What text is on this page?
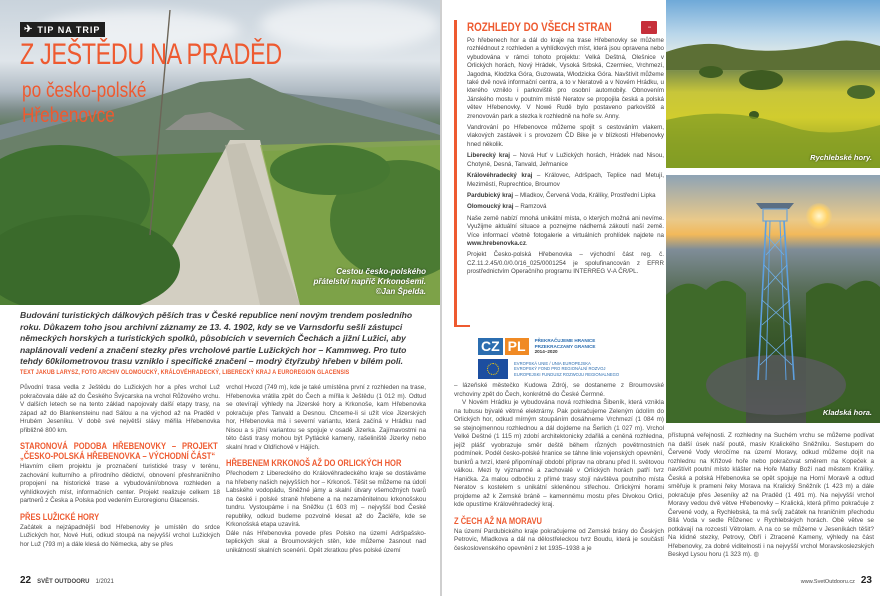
Cestou česko-polského
přátelství napříč Krkonošemi.
©Jan Špelda.
✈ TIP NA TRIP
Z JEŠTĚDU NA PRADĚD
po česko-polské
Hřebenovce
Budování turistických dálkových pěších tras v České republice není novým trendem posledního roku. Důkazem toho jsou archivní záznamy ze 13. 4. 1902, kdy se ve Varnsdorfu sešli zástupci německých horských a turistických spolků, působících v severních Čechách a jižní Lužici, aby naplánovali vedení a značení stezky přes vrcholové partie Lužických hor – Kammweg. Pro tuto tehdy 60kilometrovou trasu vzniklo i specifické značení – modrý čtyřzubý hřeben v bílém poli.
TEXT JAKUB LARYSZ, FOTO ARCHIV OLOMOUCKÝ, KRÁLOVÉHRADECKÝ, LIBERECKÝ KRAJ A EUROREGION GLACENSIS

Původní trasa vedla z Ještědu do Lužických hor a přes vrchol Luž pokračovala dále až do Českého Švýcarska na vrchol Růžového vrchu. V dalších letech se na tento základ napojovaly další etapy trasy, na západ až do Blankensteinu nad Sálou a na východ až na Praděd v Hrubém Jeseníku. V době své největší slávy měřila Hřebenovka přibližně 800 km.

STARONOVÁ PODOBA HŘEBENOVKY – PROJEKT „ČESKO-POLSKÁ HŘEBENOVKA – VÝCHODNÍ ČÁST“

Hlavním cílem projektu je proznačení turistické trasy v terénu, zachování kulturního a přírodního dědictví, obnovení přeshraničního propojení na historické trase a vybudování/obnova rozhleden a vyhlídkových míst, informačních center. Projekt realizuje celkem 18 partnerů z Česka a Polska pod vedením Euroregionu Glacensis.

PŘES LUŽICKÉ HORY

Začátek a nejzápadnější bod Hřebenovky je umístěn do srdce Lužických hor, Nové Huti, odkud stoupá na nejvyšší vrchol Lužických hor Luž (793 m) a dále klesá do Německa, aby se přes

vrchol Hvozd (749 m), kde je také umístěna první z rozhleden na trase, Hřebenovka vrátila zpět do Čech a mířila k Ještědu (1 012 m). Odtud se otevírají výhledy na Jizerské hory a Krkonoše, kam Hřebenovka pokračuje přes Tanvald a Desnou. Chceme-li si užít více Jizerských hor, Hřebenovka má i severní variantu, která začíná v Hrádku nad Nisou a s jižní variantou se spojuje v osadě Jizerka. Zajímavostmi na této části trasy mohou být Pytlácké kameny, rašeliniště Jizerky nebo skalní hrad v Oldřichově v Hájích.

HŘEBENEM KRKONOŠ AŽ DO ORLICKÝCH HOR

Přechodem z Libereckého do Královéhradeckého kraje se dostáváme na hřebeny našich nejvyšších hor – Krkonoš. Těšit se můžeme na údolí Labského vodopádu, Sněžné jámy a skalní útvary všemožných tvarů na české i polské straně hřebene a na nezaměnitelnou krkonošskou tundru. Vystoupáme i na Sněžku (1 603 m) – nejvyšší bod České republiky, odkud budeme pozvolně klesat až do Žacléře, kde se Krkonošská etapa uzavírá.

Dále nás Hřebenovka povede přes Polsko na území Adršpašsko-teplických skal a Broumovských stěn, kde můžeme žasnout nad unikátností skalních scenérií. Opět zkratkou přes polské území

22 SVĚT OUTDOORU 1/2021
ROZHLEDY DO VŠECH STRAN	▪▪▪

Po hřebenech hor a dál do kraje na trase Hřebenovky se můžeme rozhlédnout z rozhleden a vyhlídkových míst, která jsou opravena nebo vybudována v rámci tohoto projektu: Velká Deštná, Olešnice v Orlických horách, Nový Hrádek, Vysoká Srbská, Czermiec, Vrchmezí, Jagodna, Kłodzka Góra, Guzowata, Włodzicka Góra. Navštívit můžeme také dvě nová informační centra, a to v Neratově a v Novém Hrádku, u kterého vzniklo i parkoviště pro osobní automobily. Obnovením Jánského mostu v poutním místě Neratov se propojila česká a polská větev Hřebenovky. V Nowé Rudě bylo postaveno parkoviště a zrenovován park a stezka k rozhledně na hoře sv. Anny.

Vandrování po Hřebenovce můžeme spojit s cestováním vlakem, vlakových zastávek i s provozem ČD Bike je v blízkosti Hřebenovky hned několik.

Liberecký kraj – Nová Huť v Lužických horách, Hrádek nad Nisou, Chotyně, Desná, Tanvald, Jeřmanice

Královéhradecký kraj – Královec, Adršpach, Teplice nad Metují, Meziměstí, Ruprechtice, Broumov

Pardubický kraj – Mladkov, Červená Voda, Králíky, Prostřední Lipka

Olomoucký kraj – Ramzová

Naše země nabízí mnohá unikátní místa, o kterých možná ani nevíme. Využijme aktuální situace a poznejme nádherná zákoutí naší země. Více informací včetně fotogalerie a virtuálních prohlídek najdete na www.hrebenovka.cz.

Projekt Česko-polská Hřebenovka – východní část reg. č. CZ.11.2.45/0.0/0.0/16_025/0001254 je spolufinancován z EFRR prostřednictvím Operačního programu INTERREG V-A ČR/PL.

CZ PL	PŘEKRAČUJEME HRANICE
PRZEKRACZAMY GRANICE
2014–2020
EVROPSKÁ UNIE / UNIA EUROPEJSKA
EVROPSKÝ FOND PRO REGIONÁLNÍ ROZVOJ
EUROPEJSKI FUNDUSZ ROZWOJU REGIONALNEGO
Rychlebské hory.
Kladská hora.

– lázeňské městečko Kudowa Zdrój, se dostaneme z Broumovské vrchoviny zpět do Čech, konkrétně do České Čermné.

V Novém Hrádku je vybudována nová rozhledna Šibeník, která vznikla na tubusu bývalé větrné elektrárny. Pak pokračujeme Zeleným údolím do Orlických hor, odkud mírným stoupáním dosáhneme Vrchmezí (1 084 m) se stejnojmennou rozhlednou a dál dojdeme na Šerlich (1 027 m). Vrchol Velké Deštné (1 115 m) zdobí architektonicky zdařilá a ceněná rozhledna, jejíž plášť vyobrazuje směr deště během různých povětrnostních podmínek. Podél česko-polské hranice se táhne linie vojenských opevnění, bunkrů a tvrzí, které připomínají období příprav na obranu před II. světovou válkou. Mezi ty významné a zachovalé v Orlických horách patří tvrz Hanička. Za malou odbočku z přímé trasy stojí návštěva poutního místa Neratov s kostelem s unikátní skleněnou střechou. Orlickými horami projdeme až k Zemské bráně – kamennému mostu přes Divokou Orlici, kde opustíme Královéhradecký kraj.

Z ČECH AŽ NA MORAVU

Na území Pardubického kraje pokračujeme od Zemské brány do Českých Petrovic, Mladkova a dál na dělostřeleckou tvrz Boudu, která je součástí československého opevnění z let 1935–1938 a je

přístupná veřejnosti. Z rozhledny na Suchém vrchu se můžeme podívat na další úsek naší poutě, masiv Kralického Sněžníku. Sestupem do Červené Vody vkročíme na území Moravy, odkud můžeme dojít na rozhlednu na Křížové hoře nebo pokračovat směrem na Kopeček a navštívit poutní místo klášter na Hoře Matky Boží nad městem Králíky. Česká a polská Hřebenovka se opět spojuje na Horní Moravě a odtud směřuje k prameni řeky Morava na Kralický Sněžník (1 423 m) a dále pokračuje přes Jeseníky až na Praděd (1 491 m). Na nejvyšší vrchol Moravy vedou dvě větve Hřebenovky – Kralická, která přímo pokračuje z Červené vody, a Rychlebská, ta má svůj začátek na hraničním přechodu Bílá Voda v sedle Růženec v Rychlebských horách. Obě větve se potkávají na rozcestí Větrolam. A na co se můžeme v Jeseníkách těšit? Na klidné stezky, Petrovy, Obří i Ztracené Kameny, výhledy na část Hřebenovky, za dobré viditelnosti i na nejvyšší vrchol Moravskoslezských Beskyd Lysou horu (1 323 m). ◍

www.SvetOutdooru.cz 23
